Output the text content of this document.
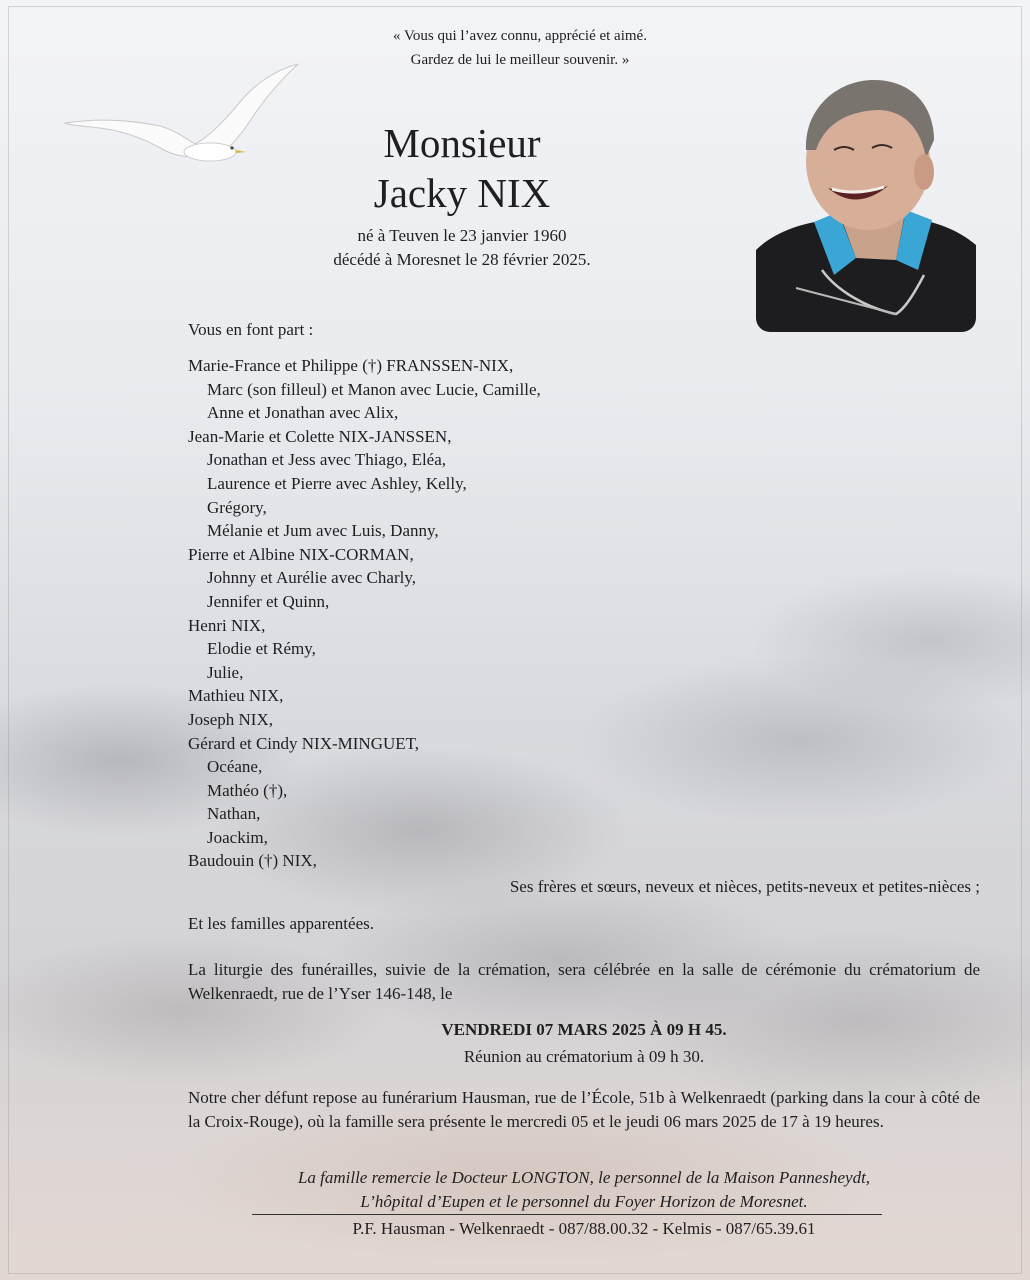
« Vous qui l’avez connu, apprécié et aimé.
Gardez de lui le meilleur souvenir. »
Monsieur
Jacky NIX
né à Teuven le 23 janvier 1960
décédé à Moresnet le 28 février 2025.
Vous en font part :
Marie-France et Philippe (†) FRANSSEN-NIX,
Marc (son filleul) et Manon avec Lucie, Camille,
Anne et Jonathan avec Alix,
Jean-Marie et Colette NIX-JANSSEN,
Jonathan et Jess avec Thiago, Eléa,
Laurence et Pierre avec Ashley, Kelly,
Grégory,
Mélanie et Jum avec Luis, Danny,
Pierre et Albine NIX-CORMAN,
Johnny et Aurélie avec Charly,
Jennifer et Quinn,
Henri NIX,
Elodie et Rémy,
Julie,
Mathieu NIX,
Joseph NIX,
Gérard et Cindy NIX-MINGUET,
Océane,
Mathéo (†),
Nathan,
Joackim,
Baudouin (†) NIX,
Ses frères et sœurs, neveux et nièces, petits-neveux et petites-nièces ;
Et les familles apparentées.
La liturgie des funérailles, suivie de la crémation, sera célébrée en la salle de cérémonie du crématorium de Welkenraedt, rue de l’Yser 146-148, le
VENDREDI 07 MARS 2025 À 09 H 45.
Réunion au crématorium à 09 h 30.
Notre cher défunt repose au funérarium Hausman, rue de l’École, 51b à Welkenraedt (parking dans la cour à côté de la Croix-Rouge), où la famille sera présente le mercredi 05 et le jeudi 06 mars 2025 de 17 à 19 heures.
La famille remercie le Docteur LONGTON, le personnel de la Maison Pannesheydt,
L’hôpital d’Eupen et le personnel du Foyer Horizon de Moresnet.
P.F. Hausman - Welkenraedt - 087/88.00.32 - Kelmis - 087/65.39.61
